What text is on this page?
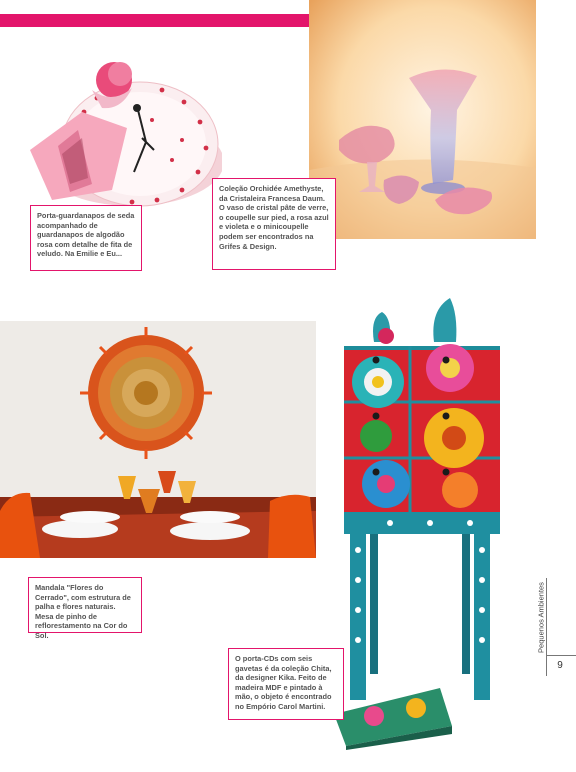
Porta-guardanapos de seda acompanhado de guardanapos de algodão rosa com detalhe de fita de veludo. Na Emilie e Eu...
Coleção Orchidée Amethyste, da Cristaleira Francesa Daum. O vaso de cristal pâte de verre, o coupelle sur pied, a rosa azul e violeta e o minicoupelle podem ser encontrados na Grifes & Design.
Mandala "Flores do Cerrado", com estrutura de palha e flores naturais. Mesa de pinho de reflorestamento na Cor do Sol.
O porta-CDs com seis gavetas é da coleção Chita, da designer Kika. Feito de madeira MDF e pintado à mão, o objeto é encontrado no Empório Carol Martini.
Pequenos Ambientes
9
